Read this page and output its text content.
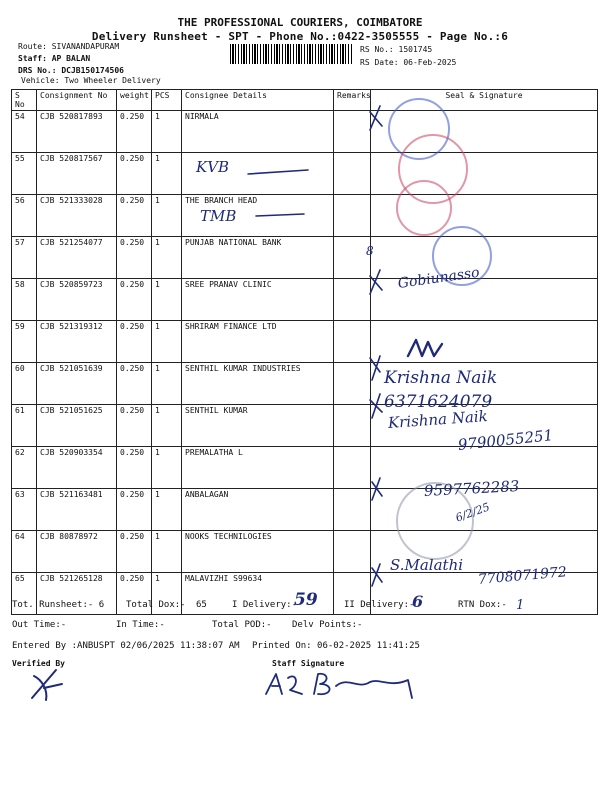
THE PROFESSIONAL COURIERS, COIMBATORE
Delivery Runsheet - SPT - Phone No.:0422-3505555 - Page No.:6
Route: SIVANANDAPURAM
Staff: AP BALAN
DRS No.: DCJB150174506
Vehicle: Two Wheeler Delivery
RS No.: 1501745
RS Date: 06-Feb-2025
S No	Consignment No	weight	PCS	Consignee Details	Remarks	Seal & Signature
54	CJB 520817893	0.250	1	NIRMALA		
55	CJB 520817567	0.250	1			
56	CJB 521333028	0.250	1	THE BRANCH HEAD		
57	CJB 521254077	0.250	1	PUNJAB NATIONAL BANK		
58	CJB 520859723	0.250	1	SREE PRANAV CLINIC		
59	CJB 521319312	0.250	1	SHRIRAM FINANCE LTD		
60	CJB 521051639	0.250	1	SENTHIL KUMAR INDUSTRIES		
61	CJB 521051625	0.250	1	SENTHIL KUMAR		
62	CJB 520903354	0.250	1	PREMALATHA L		
63	CJB 521163481	0.250	1	ANBALAGAN		
64	CJB 80878972	0.250	1	NOOKS TECHNILOGIES		
65	CJB 521265128	0.250	1	MALAVIZHI S99634		
KVB
TMB
8
Gobiunasso
Krishna Naik
6371624079
Krishna Naik
9790055251
9597762283
6/2/25
S.Malathi 7708071972
Tot. Runsheet:- 6 Total Dox:- 65	I Delivery:-
59	II Delivery:-
6	RTN Dox:- 1
Out Time:-	In Time:-	Total POD:- Delv Points:-
Entered By :ANBUSPT 02/06/2025 11:38:07 AM Printed On: 06-02-2025 11:41:25
Verified By	Staff Signature
